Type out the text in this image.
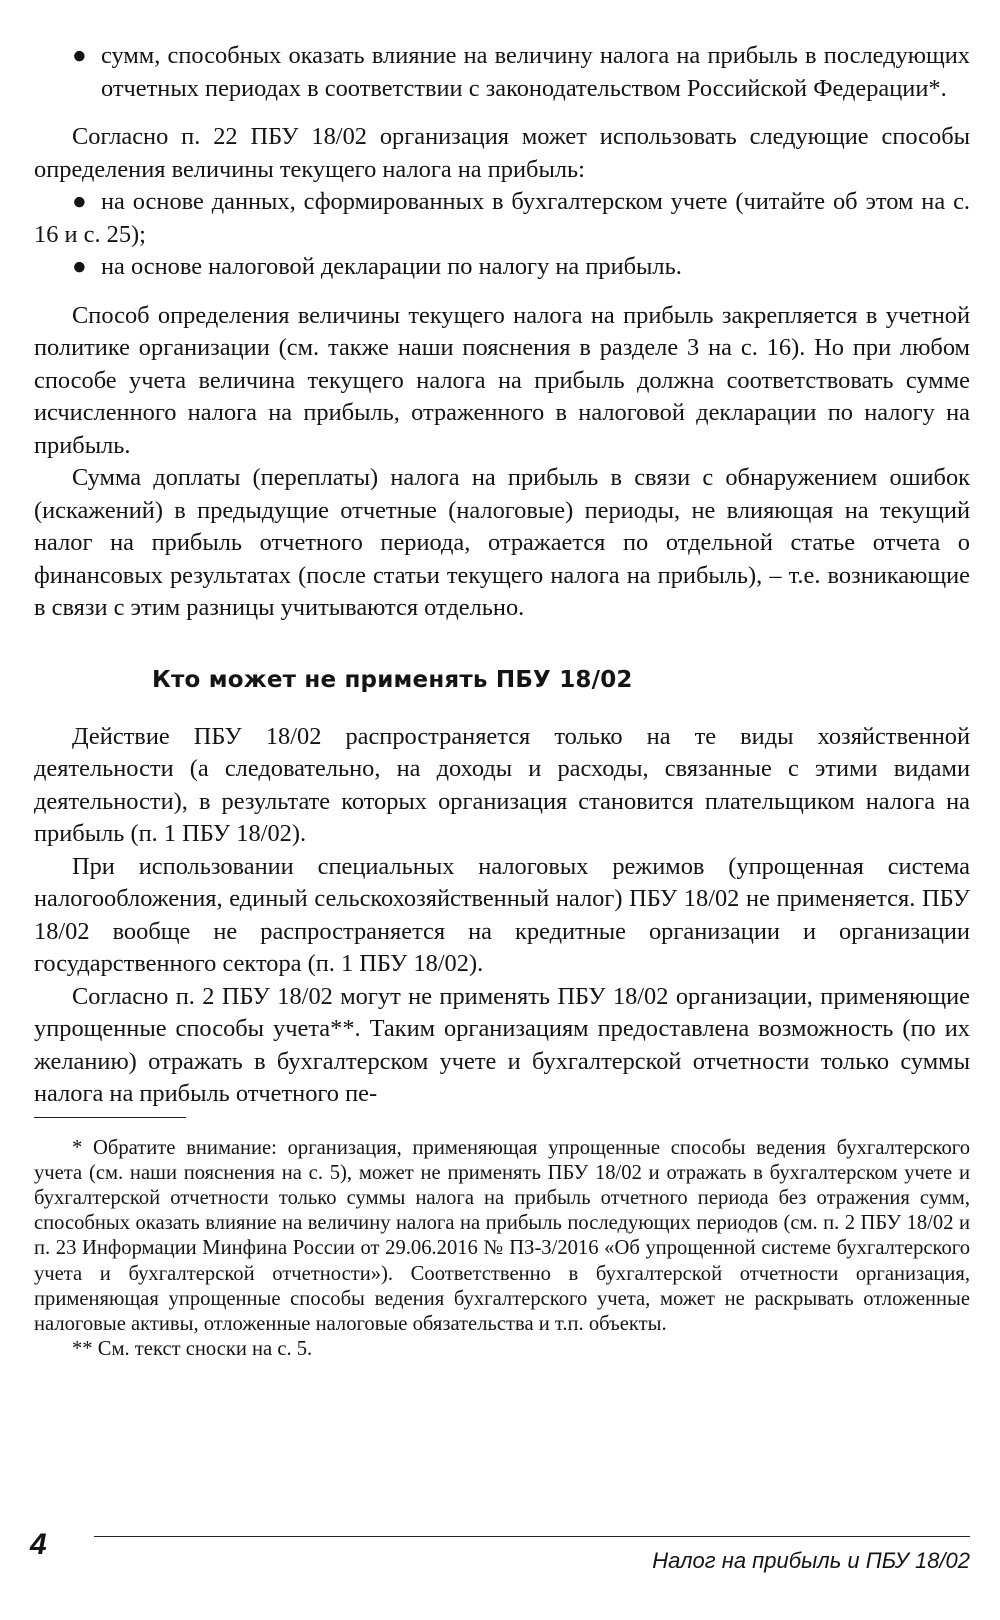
● сумм, способных оказать влияние на величину налога на прибыль в последующих отчетных периодах в соответствии с законодательством Российской Федерации*.

Согласно п. 22 ПБУ 18/02 организация может использовать следующие способы определения величины текущего налога на прибыль:

● на основе данных, сформированных в бухгалтерском учете (читайте об этом на с. 16 и с. 25);

● на основе налоговой декларации по налогу на прибыль.

Способ определения величины текущего налога на прибыль закрепляется в учетной политике организации (см. также наши пояснения в разделе 3 на с. 16). Но при любом способе учета величина текущего налога на прибыль должна соответствовать сумме исчисленного налога на прибыль, отраженного в налоговой декларации по налогу на прибыль.

Сумма доплаты (переплаты) налога на прибыль в связи с обнаружением ошибок (искажений) в предыдущие отчетные (налоговые) периоды, не влияющая на текущий налог на прибыль отчетного периода, отражается по отдельной статье отчета о финансовых результатах (после статьи текущего налога на прибыль), – т.е. возникающие в связи с этим разницы учитываются отдельно.

Кто может не применять ПБУ 18/02

Действие ПБУ 18/02 распространяется только на те виды хозяйственной деятельности (а следовательно, на доходы и расходы, связанные с этими видами деятельности), в результате которых организация становится плательщиком налога на прибыль (п. 1 ПБУ 18/02).

При использовании специальных налоговых режимов (упрощенная система налогообложения, единый сельскохозяйственный налог) ПБУ 18/02 не применяется. ПБУ 18/02 вообще не распространяется на кредитные организации и организации государственного сектора (п. 1 ПБУ 18/02).

Согласно п. 2 ПБУ 18/02 могут не применять ПБУ 18/02 организации, применяющие упрощенные способы учета**. Таким организациям предоставлена возможность (по их желанию) отражать в бухгалтерском учете и бухгалтерской отчетности только суммы налога на прибыль отчетного пе-

* Обратите внимание: организация, применяющая упрощенные способы ведения бухгалтерского учета (см. наши пояснения на с. 5), может не применять ПБУ 18/02 и отражать в бухгалтерском учете и бухгалтерской отчетности только суммы налога на прибыль отчетного периода без отражения сумм, способных оказать влияние на величину налога на прибыль последующих периодов (см. п. 2 ПБУ 18/02 и п. 23 Информации Минфина России от 29.06.2016 № ПЗ-3/2016 «Об упрощенной системе бухгалтерского учета и бухгалтерской отчетности»). Соответственно в бухгалтерской отчетности организация, применяющая упрощенные способы ведения бухгалтерского учета, может не раскрывать отложенные налоговые активы, отложенные налоговые обязательства и т.п. объекты.

** См. текст сноски на с. 5.

4	Налог на прибыль и ПБУ 18/02
